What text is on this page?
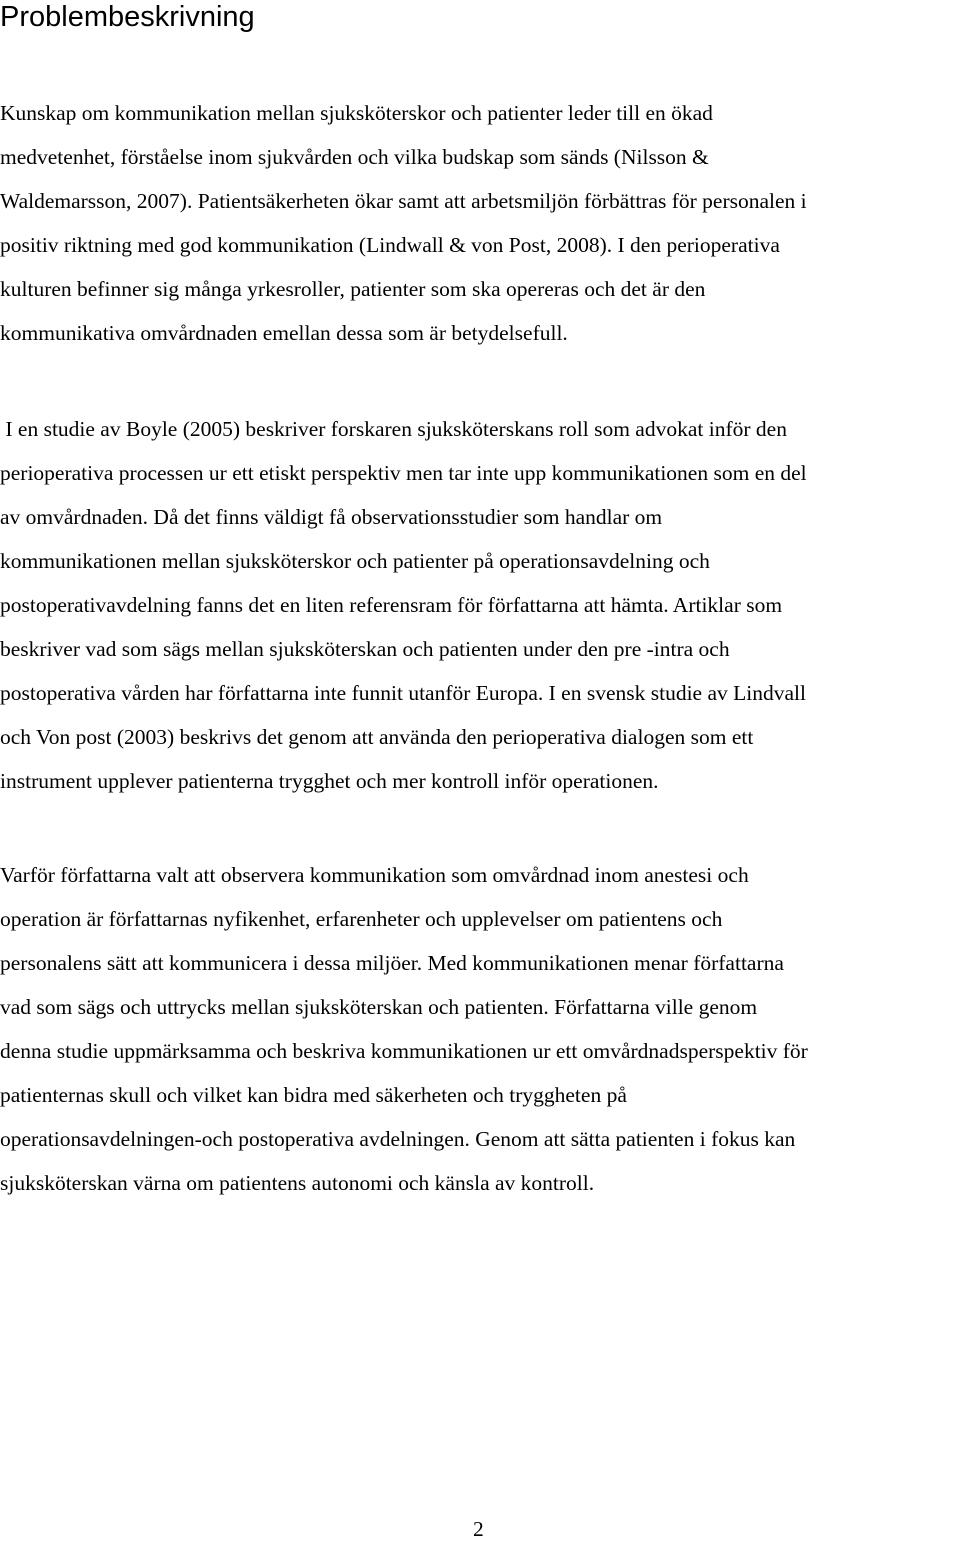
Problembeskrivning

Kunskap om kommunikation mellan sjuksköterskor och patienter leder till en ökad

medvetenhet, förståelse inom sjukvården och vilka budskap som sänds (Nilsson &

Waldemarsson, 2007). Patientsäkerheten ökar samt att arbetsmiljön förbättras för personalen i

positiv riktning med god kommunikation (Lindwall & von Post, 2008). I den perioperativa

kulturen befinner sig många yrkesroller, patienter som ska opereras och det är den

kommunikativa omvårdnaden emellan dessa som är betydelsefull.

I en studie av Boyle (2005) beskriver forskaren sjuksköterskans roll som advokat inför den

perioperativa processen ur ett etiskt perspektiv men tar inte upp kommunikationen som en del

av omvårdnaden. Då det finns väldigt få observationsstudier som handlar om

kommunikationen mellan sjuksköterskor och patienter på operationsavdelning och

postoperativavdelning fanns det en liten referensram för författarna att hämta. Artiklar som

beskriver vad som sägs mellan sjuksköterskan och patienten under den pre -intra och

postoperativa vården har författarna inte funnit utanför Europa. I en svensk studie av Lindvall

och Von post (2003) beskrivs det genom att använda den perioperativa dialogen som ett

instrument upplever patienterna trygghet och mer kontroll inför operationen.

Varför författarna valt att observera kommunikation som omvårdnad inom anestesi och

operation är författarnas nyfikenhet, erfarenheter och upplevelser om patientens och

personalens sätt att kommunicera i dessa miljöer. Med kommunikationen menar författarna

vad som sägs och uttrycks mellan sjuksköterskan och patienten. Författarna ville genom

denna studie uppmärksamma och beskriva kommunikationen ur ett omvårdnadsperspektiv för

patienternas skull och vilket kan bidra med säkerheten och tryggheten på

operationsavdelningen-och postoperativa avdelningen. Genom att sätta patienten i fokus kan

sjuksköterskan värna om patientens autonomi och känsla av kontroll.

2
